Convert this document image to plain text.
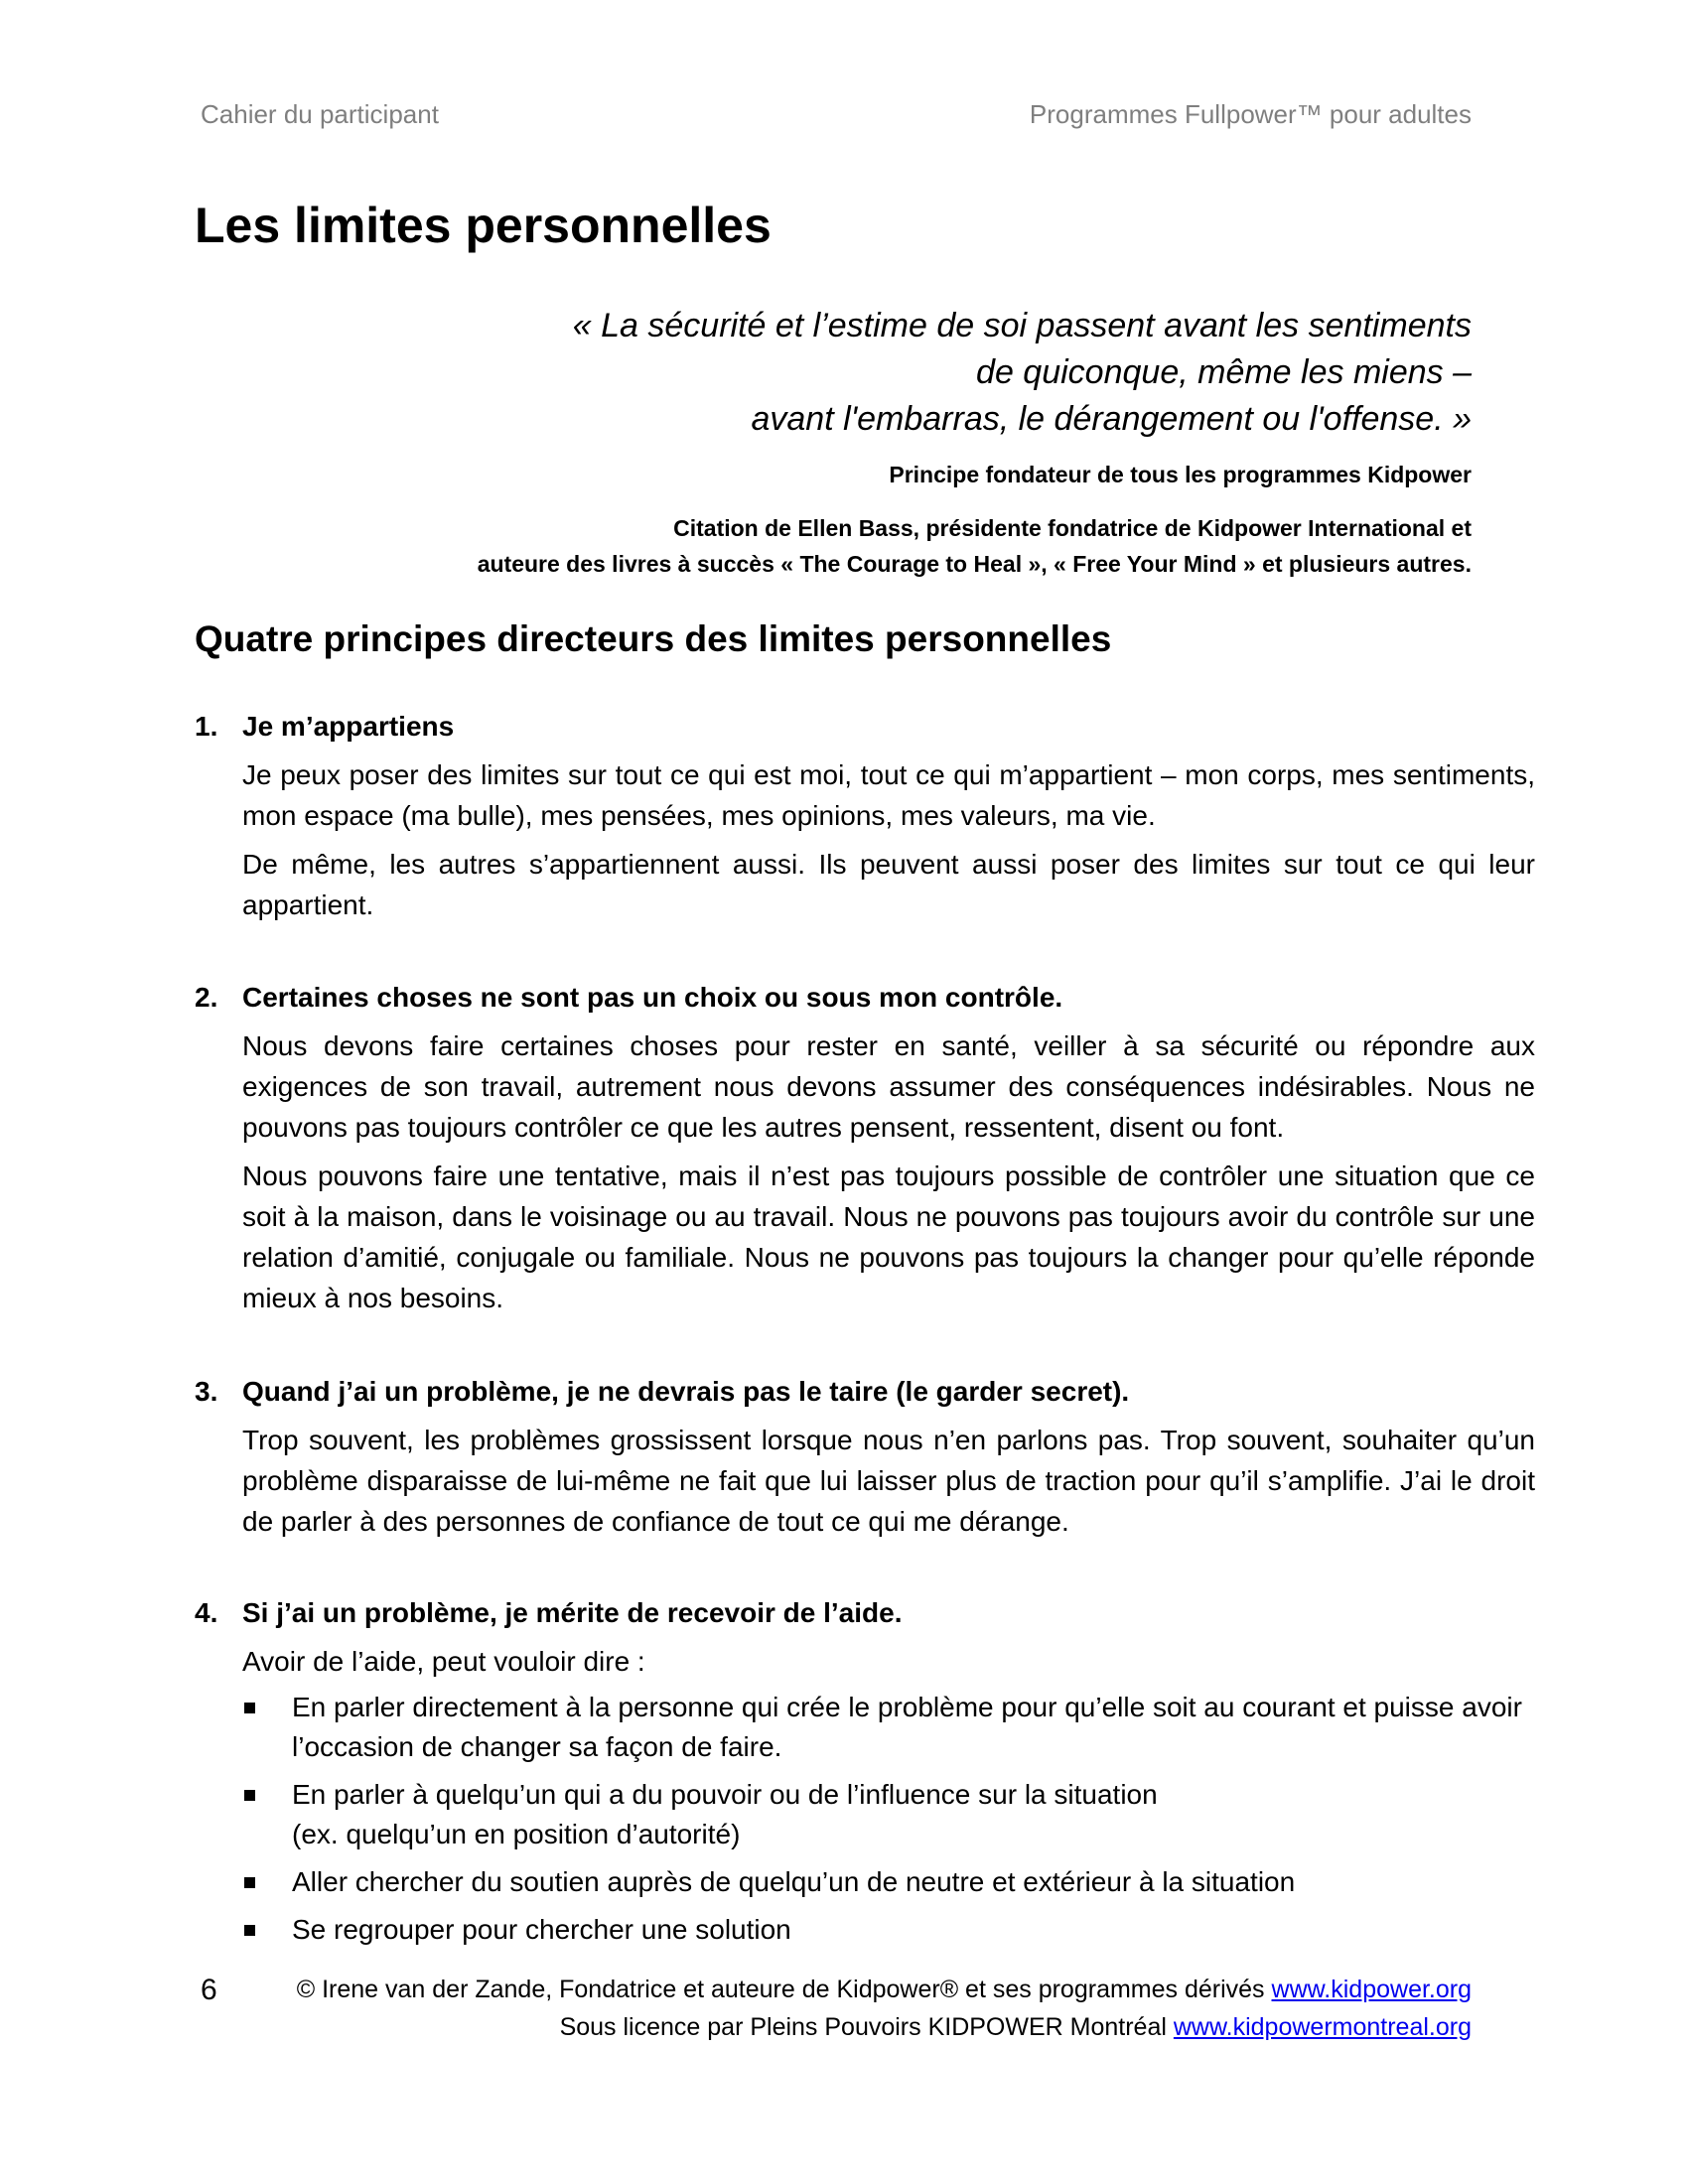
Cahier du participant	Programmes Fullpower™ pour adultes
Les limites personnelles
« La sécurité et l’estime de soi passent avant les sentiments
de quiconque, même les miens –
avant l'embarras, le dérangement ou l'offense. »
Principe fondateur de tous les programmes Kidpower
Citation de Ellen Bass, présidente fondatrice de Kidpower International et
auteure des livres à succès « The Courage to Heal », « Free Your Mind » et plusieurs autres.
Quatre principes directeurs des limites personnelles
1. Je m’appartiens
Je peux poser des limites sur tout ce qui est moi, tout ce qui m’appartient – mon corps, mes sentiments, mon espace (ma bulle), mes pensées, mes opinions, mes valeurs, ma vie.
De même, les autres s’appartiennent aussi. Ils peuvent aussi poser des limites sur tout ce qui leur appartient.
2. Certaines choses ne sont pas un choix ou sous mon contrôle.
Nous devons faire certaines choses pour rester en santé, veiller à sa sécurité ou répondre aux exigences de son travail, autrement nous devons assumer des conséquences indésirables. Nous ne pouvons pas toujours contrôler ce que les autres pensent, ressentent, disent ou font.
Nous pouvons faire une tentative, mais il n’est pas toujours possible de contrôler une situation que ce soit à la maison, dans le voisinage ou au travail. Nous ne pouvons pas toujours avoir du contrôle sur une relation d’amitié, conjugale ou familiale. Nous ne pouvons pas toujours la changer pour qu’elle réponde mieux à nos besoins.
3. Quand j’ai un problème, je ne devrais pas le taire (le garder secret).
Trop souvent, les problèmes grossissent lorsque nous n’en parlons pas. Trop souvent, souhaiter qu’un problème disparaisse de lui-même ne fait que lui laisser plus de traction pour qu’il s’amplifie. J’ai le droit de parler à des personnes de confiance de tout ce qui me dérange.
4. Si j’ai un problème, je mérite de recevoir de l’aide.
Avoir de l’aide, peut vouloir dire :
En parler directement à la personne qui crée le problème pour qu’elle soit au courant et puisse avoir l’occasion de changer sa façon de faire.
En parler à quelqu’un qui a du pouvoir ou de l’influence sur la situation
(ex. quelqu’un en position d’autorité)
Aller chercher du soutien auprès de quelqu’un de neutre et extérieur à la situation
Se regrouper pour chercher une solution
6	© Irene van der Zande, Fondatrice et auteure de Kidpower® et ses programmes dérivés www.kidpower.org
Sous licence par Pleins Pouvoirs KIDPOWER Montréal www.kidpowermontreal.org
